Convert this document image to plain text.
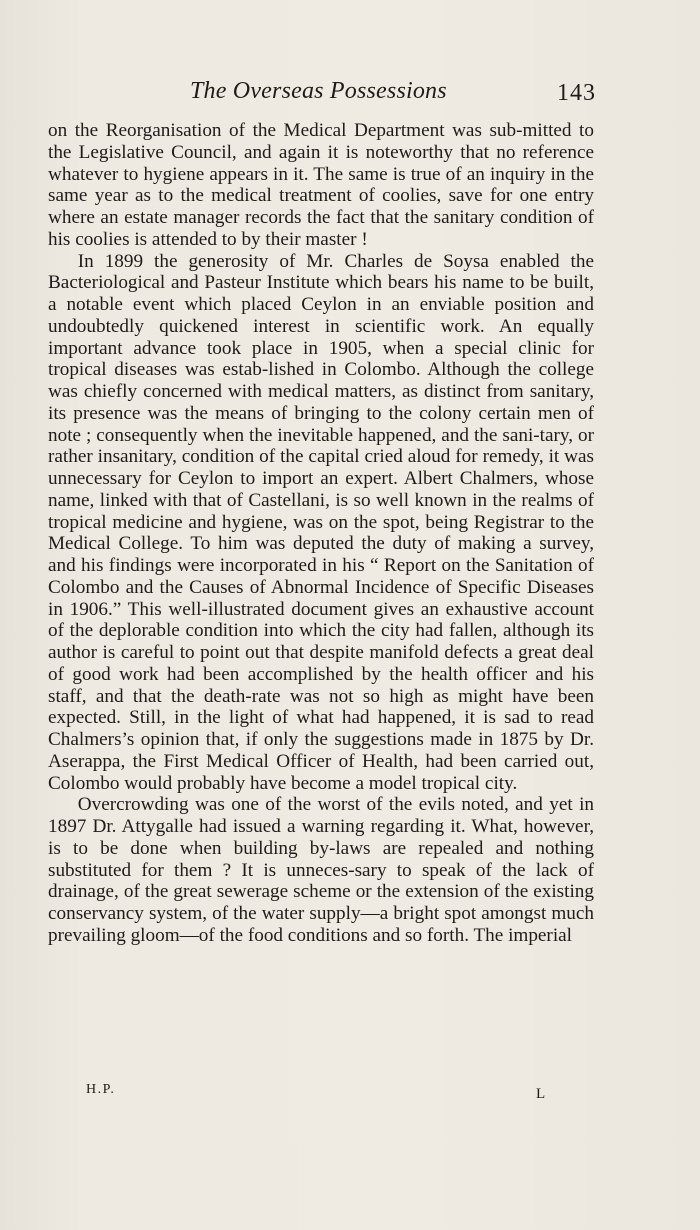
The Overseas Possessions	143

on the Reorganisation of the Medical Department was sub-mitted to the Legislative Council, and again it is noteworthy that no reference whatever to hygiene appears in it. The same is true of an inquiry in the same year as to the medical treatment of coolies, save for one entry where an estate manager records the fact that the sanitary condition of his coolies is attended to by their master !

In 1899 the generosity of Mr. Charles de Soysa enabled the Bacteriological and Pasteur Institute which bears his name to be built, a notable event which placed Ceylon in an enviable position and undoubtedly quickened interest in scientific work. An equally important advance took place in 1905, when a special clinic for tropical diseases was estab-lished in Colombo. Although the college was chiefly concerned with medical matters, as distinct from sanitary, its presence was the means of bringing to the colony certain men of note ; consequently when the inevitable happened, and the sani-tary, or rather insanitary, condition of the capital cried aloud for remedy, it was unnecessary for Ceylon to import an expert. Albert Chalmers, whose name, linked with that of Castellani, is so well known in the realms of tropical medicine and hygiene, was on the spot, being Registrar to the Medical College. To him was deputed the duty of making a survey, and his findings were incorporated in his “ Report on the Sanitation of Colombo and the Causes of Abnormal Incidence of Specific Diseases in 1906.” This well-illustrated document gives an exhaustive account of the deplorable condition into which the city had fallen, although its author is careful to point out that despite manifold defects a great deal of good work had been accomplished by the health officer and his staff, and that the death-rate was not so high as might have been expected. Still, in the light of what had happened, it is sad to read Chalmers’s opinion that, if only the suggestions made in 1875 by Dr. Aserappa, the First Medical Officer of Health, had been carried out, Colombo would probably have become a model tropical city.

Overcrowding was one of the worst of the evils noted, and yet in 1897 Dr. Attygalle had issued a warning regarding it. What, however, is to be done when building by-laws are repealed and nothing substituted for them ? It is unneces-sary to speak of the lack of drainage, of the great sewerage scheme or the extension of the existing conservancy system, of the water supply—a bright spot amongst much prevailing gloom—of the food conditions and so forth. The imperial

H.P.	L
